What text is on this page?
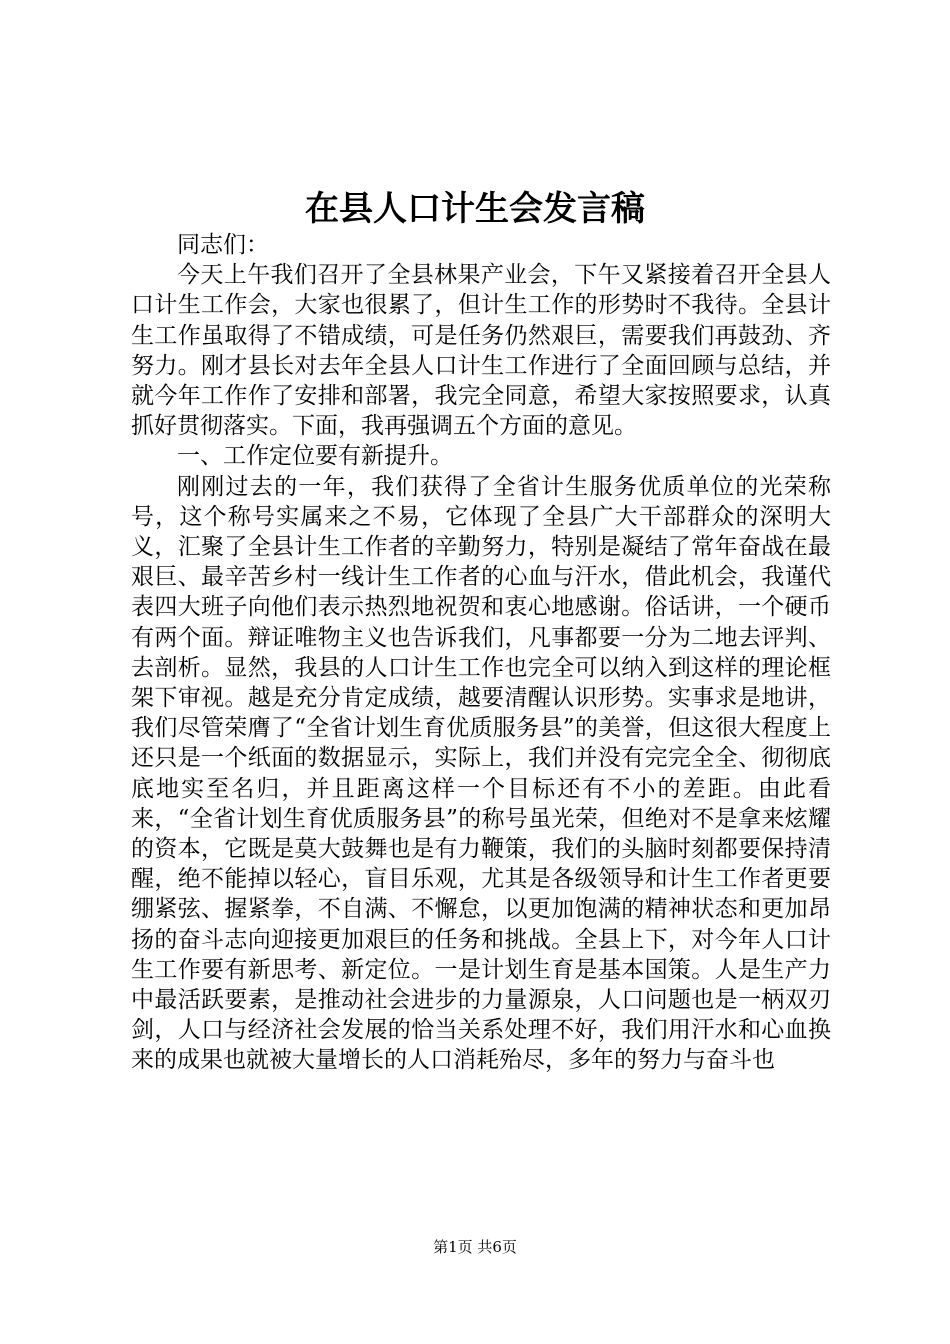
在县人口计生会发言稿

同志们：

今天上午我们召开了全县林果产业会，下午又紧接着召开全县人口计生工作会，大家也很累了，但计生工作的形势时不我待。全县计生工作虽取得了不错成绩，可是任务仍然艰巨，需要我们再鼓劲、齐努力。刚才县长对去年全县人口计生工作进行了全面回顾与总结，并就今年工作作了安排和部署，我完全同意，希望大家按照要求，认真抓好贯彻落实。下面，我再强调五个方面的意见。

一、工作定位要有新提升。

刚刚过去的一年，我们获得了全省计生服务优质单位的光荣称号，这个称号实属来之不易，它体现了全县广大干部群众的深明大义，汇聚了全县计生工作者的辛勤努力，特别是凝结了常年奋战在最艰巨、最辛苦乡村一线计生工作者的心血与汗水，借此机会，我谨代表四大班子向他们表示热烈地祝贺和衷心地感谢。俗话讲，一个硬币有两个面。辩证唯物主义也告诉我们，凡事都要一分为二地去评判、去剖析。显然，我县的人口计生工作也完全可以纳入到这样的理论框架下审视。越是充分肯定成绩，越要清醒认识形势。实事求是地讲，我们尽管荣膺了“全省计划生育优质服务县”的美誉，但这很大程度上还只是一个纸面的数据显示，实际上，我们并没有完完全全、彻彻底底地实至名归，并且距离这样一个目标还有不小的差距。由此看来，“全省计划生育优质服务县”的称号虽光荣，但绝对不是拿来炫耀的资本，它既是莫大鼓舞也是有力鞭策，我们的头脑时刻都要保持清醒，绝不能掉以轻心，盲目乐观，尤其是各级领导和计生工作者更要绷紧弦、握紧拳，不自满、不懈怠，以更加饱满的精神状态和更加昂扬的奋斗志向迎接更加艰巨的任务和挑战。全县上下，对今年人口计生工作要有新思考、新定位。一是计划生育是基本国策。人是生产力中最活跃要素，是推动社会进步的力量源泉，人口问题也是一柄双刃剑，人口与经济社会发展的恰当关系处理不好，我们用汗水和心血换来的成果也就被大量增长的人口消耗殆尽，多年的努力与奋斗也

第1页 共6页
